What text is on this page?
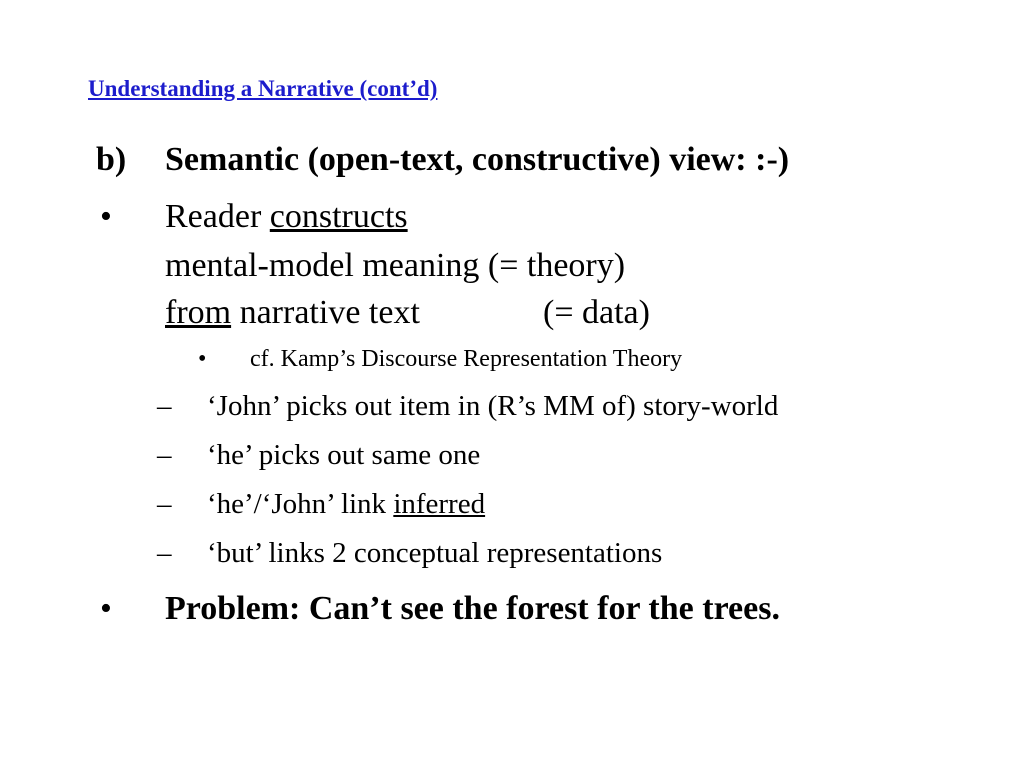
Understanding a Narrative (cont’d)
b) Semantic (open-text, constructive) view: :-)
• Reader constructs
mental-model meaning (= theory)
from narrative text	(= data)
• cf. Kamp’s Discourse Representation Theory
– ‘John’ picks out item in (R’s MM of) story-world
– ‘he’ picks out same one
– ‘he’/‘John’ link inferred
– ‘but’ links 2 conceptual representations
• Problem: Can’t see the forest for the trees.
